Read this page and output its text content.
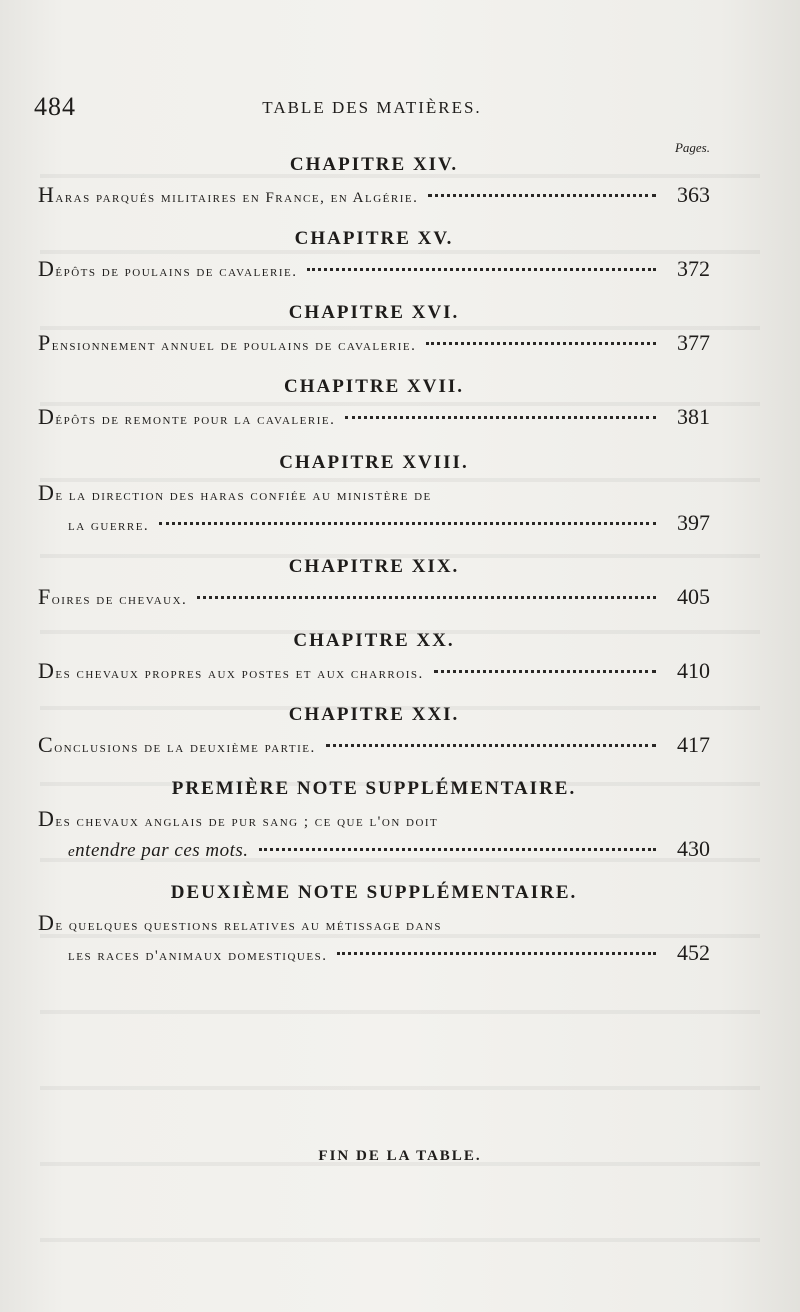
484	TABLE DES MATIÈRES.
Pages.
CHAPITRE XIV.
Haras parqués militaires en France, en Algérie.	363
CHAPITRE XV.
Dépôts de poulains de cavalerie.	372
CHAPITRE XVI.
Pensionnement annuel de poulains de cavalerie.	377
CHAPITRE XVII.
Dépôts de remonte pour la cavalerie.	381
CHAPITRE XVIII.
De la direction des haras confiée au ministère de
la guerre.	397
CHAPITRE XIX.
Foires de chevaux.	405
CHAPITRE XX.
Des chevaux propres aux postes et aux charrois.	410
CHAPITRE XXI.
Conclusions de la deuxième partie.	417
PREMIÈRE NOTE SUPPLÉMENTAIRE.
Des chevaux anglais de pur sang ; ce que l'on doit
entendre par ces mots.	430
DEUXIÈME NOTE SUPPLÉMENTAIRE.
De quelques questions relatives au métissage dans
les races d'animaux domestiques.	452
FIN DE LA TABLE.
